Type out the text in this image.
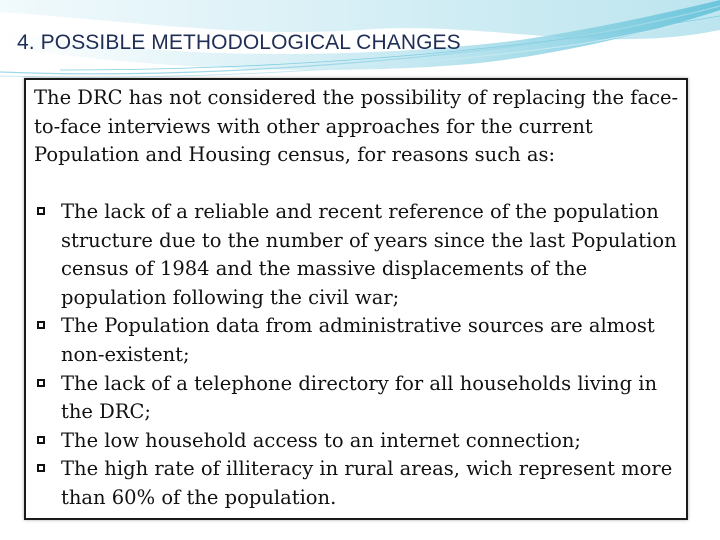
4. POSSIBLE METHODOLOGICAL CHANGES

The DRC has not considered the possibility of replacing the face-to-face interviews with other approaches for the current Population and Housing census, for reasons such as:

The lack of a reliable and recent reference of the population structure due to the number of years since the last Population census of 1984 and the massive displacements of the population following the civil war;
The Population data from administrative sources are almost non-existent;
The lack of a telephone directory for all households living in the DRC;
The low household access to an internet connection;
The high rate of illiteracy in rural areas, wich represent more than 60% of the population.
